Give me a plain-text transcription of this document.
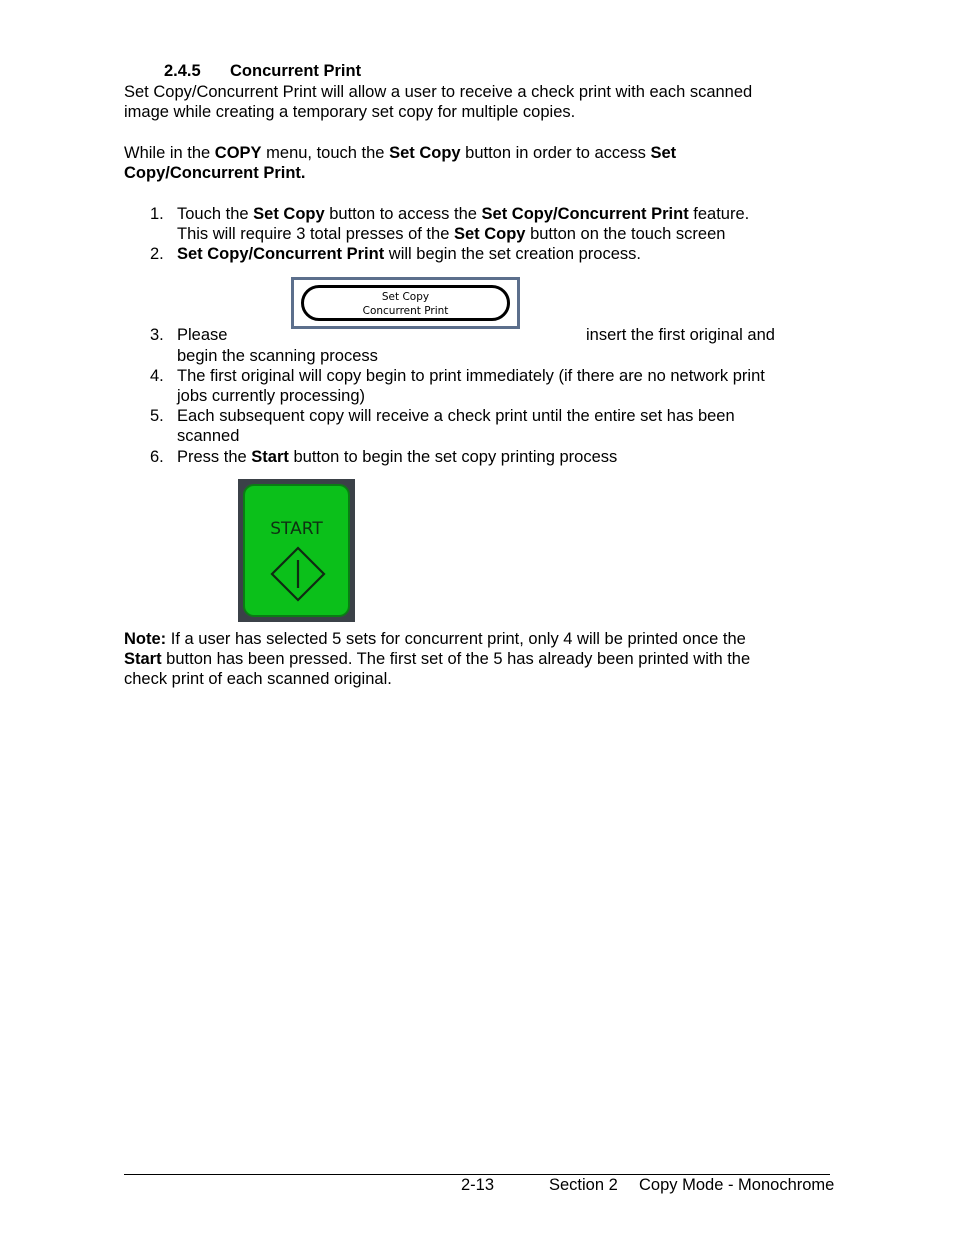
2.4.5 Concurrent Print
Set Copy/Concurrent Print will allow a user to receive a check print with each scanned
image while creating a temporary set copy for multiple copies.
While in the COPY menu, touch the Set Copy button in order to access Set
Copy/Concurrent Print.
1. Touch the Set Copy button to access the Set Copy/Concurrent Print feature.
This will require 3 total presses of the Set Copy button on the touch screen
2. Set Copy/Concurrent Print will begin the set creation process.
Set Copy
Concurrent Print
3. Please	insert the first original and
begin the scanning process
4. The first original will copy begin to print immediately (if there are no network print
jobs currently processing)
5. Each subsequent copy will receive a check print until the entire set has been
scanned
6. Press the Start button to begin the set copy printing process
START
Note: If a user has selected 5 sets for concurrent print, only 4 will be printed once the
Start button has been pressed. The first set of the 5 has already been printed with the
check print of each scanned original.
2-13	Section 2 Copy Mode - Monochrome
